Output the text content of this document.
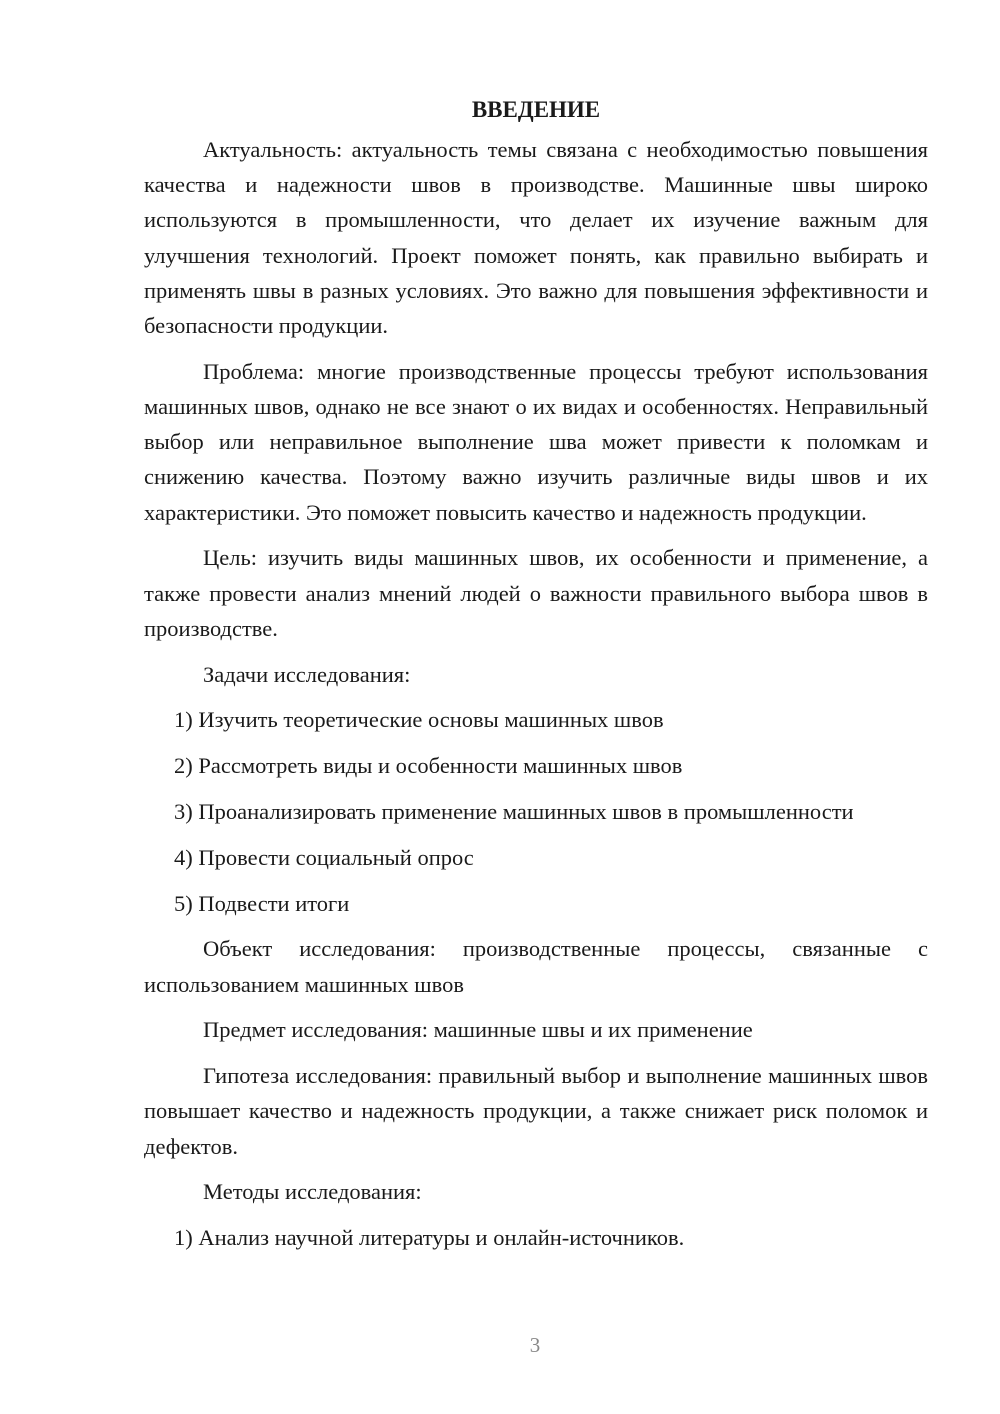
ВВЕДЕНИЕ

Актуальность: актуальность темы связана с необходимостью повышения качества и надежности швов в производстве. Машинные швы широко используются в промышленности, что делает их изучение важным для улучшения технологий. Проект поможет понять, как правильно выбирать и применять швы в разных условиях. Это важно для повышения эффективности и безопасности продукции.

Проблема: многие производственные процессы требуют использования машинных швов, однако не все знают о их видах и особенностях. Неправильный выбор или неправильное выполнение шва может привести к поломкам и снижению качества. Поэтому важно изучить различные виды швов и их характеристики. Это поможет повысить качество и надежность продукции.

Цель: изучить виды машинных швов, их особенности и применение, а также провести анализ мнений людей о важности правильного выбора швов в производстве.

Задачи исследования:

1) Изучить теоретические основы машинных швов
2) Рассмотреть виды и особенности машинных швов
3) Проанализировать применение машинных швов в промышленности
4) Провести социальный опрос
5) Подвести итоги

Объект исследования: производственные процессы, связанные с использованием машинных швов

Предмет исследования: машинные швы и их применение

Гипотеза исследования: правильный выбор и выполнение машинных швов повышает качество и надежность продукции, а также снижает риск поломок и дефектов.

Методы исследования:

1) Анализ научной литературы и онлайн-источников.
3
